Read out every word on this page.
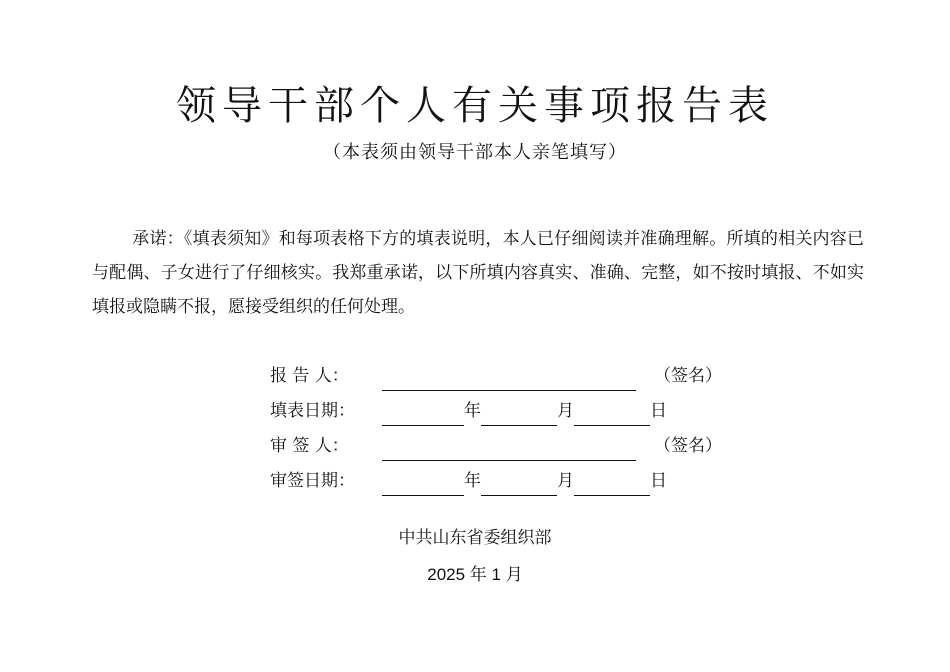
领导干部个人有关事项报告表
（本表须由领导干部本人亲笔填写）
承诺：《填表须知》和每项表格下方的填表说明，本人已仔细阅读并准确理解。所填的相关内容已与配偶、子女进行了仔细核实。我郑重承诺，以下所填内容真实、准确、完整，如不按时填报、不如实填报或隐瞒不报，愿接受组织的任何处理。
报 告 人：	（签名）
填表日期：	年	月	日
审 签 人：	（签名）
审签日期：	年	月	日
中共山东省委组织部
2025 年 1 月
